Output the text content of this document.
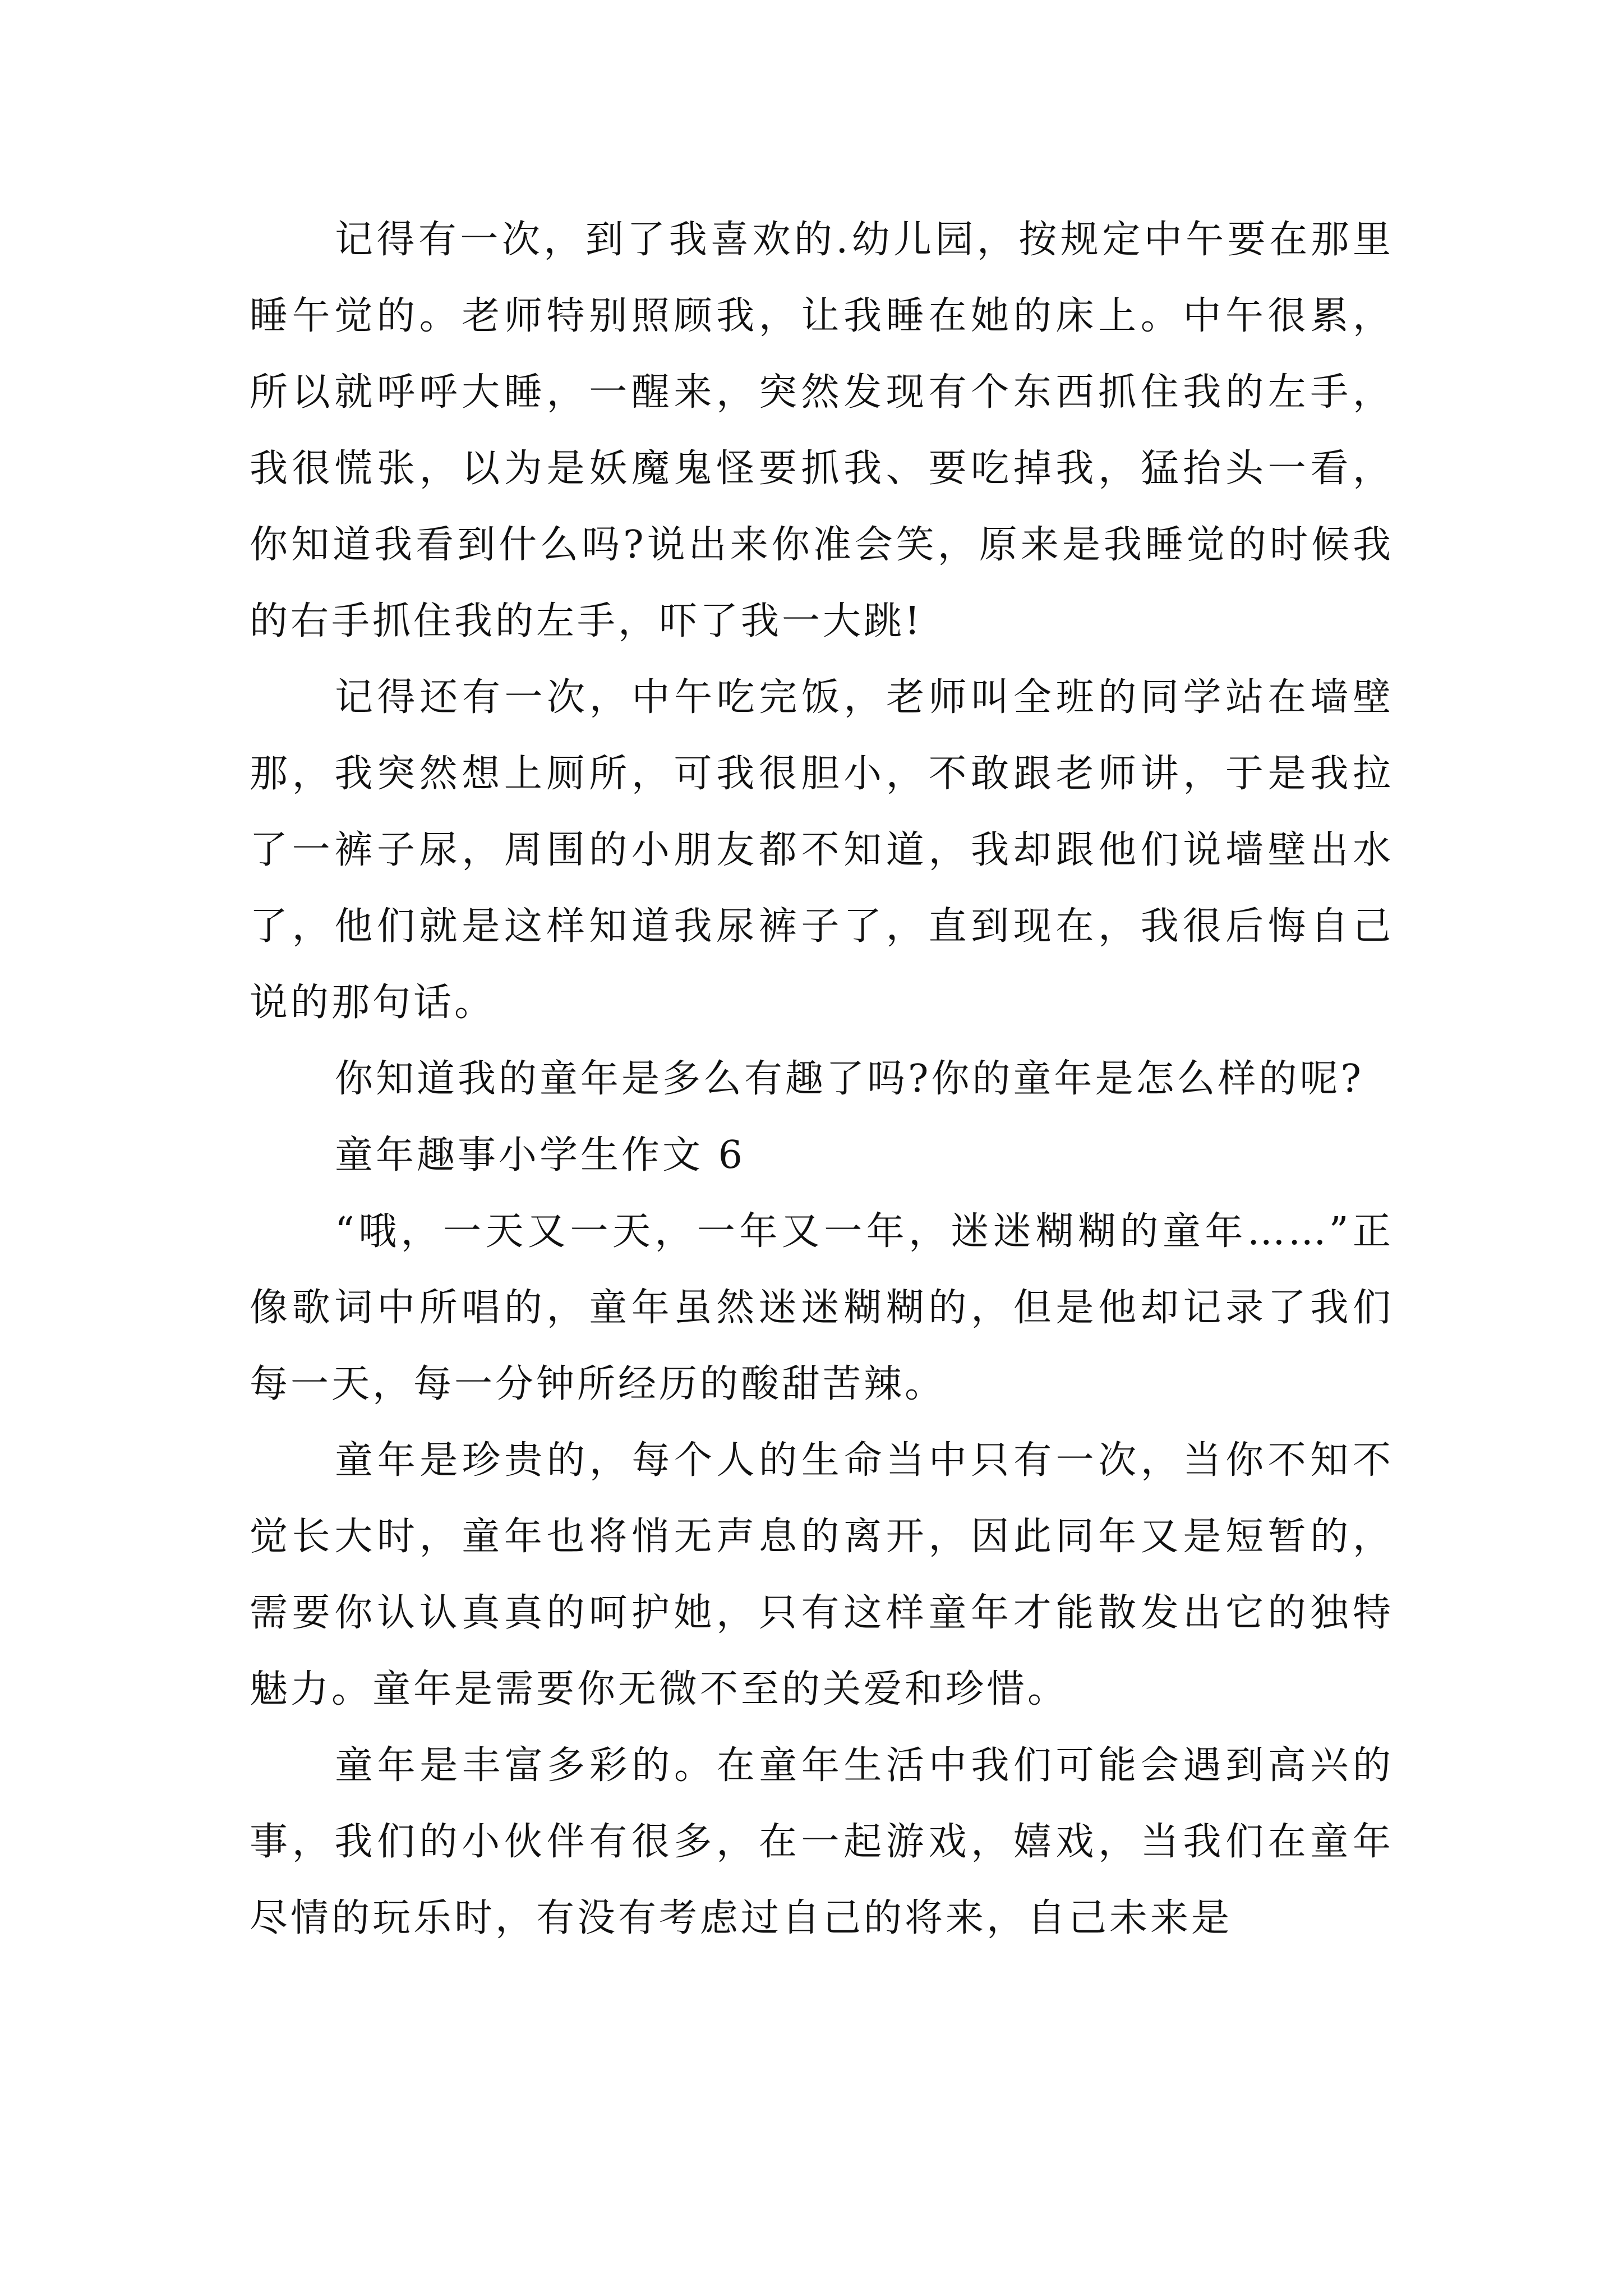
记得有一次，到了我喜欢的.幼儿园，按规定中午要在那里睡午觉的。老师特别照顾我，让我睡在她的床上。中午很累，所以就呼呼大睡，一醒来，突然发现有个东西抓住我的左手，我很慌张，以为是妖魔鬼怪要抓我、要吃掉我，猛抬头一看，你知道我看到什么吗?说出来你准会笑，原来是我睡觉的时候我的右手抓住我的左手，吓了我一大跳!

记得还有一次，中午吃完饭，老师叫全班的同学站在墙壁那，我突然想上厕所，可我很胆小，不敢跟老师讲，于是我拉了一裤子尿，周围的小朋友都不知道，我却跟他们说墙壁出水了，他们就是这样知道我尿裤子了，直到现在，我很后悔自己说的那句话。

你知道我的童年是多么有趣了吗?你的童年是怎么样的呢?

童年趣事小学生作文 6

“哦，一天又一天，一年又一年，迷迷糊糊的童年……”正像歌词中所唱的，童年虽然迷迷糊糊的，但是他却记录了我们每一天，每一分钟所经历的酸甜苦辣。

童年是珍贵的，每个人的生命当中只有一次，当你不知不觉长大时，童年也将悄无声息的离开，因此同年又是短暂的，需要你认认真真的呵护她，只有这样童年才能散发出它的独特魅力。童年是需要你无微不至的关爱和珍惜。

童年是丰富多彩的。在童年生活中我们可能会遇到高兴的事，我们的小伙伴有很多，在一起游戏，嬉戏，当我们在童年尽情的玩乐时，有没有考虑过自己的将来，自己未来是
